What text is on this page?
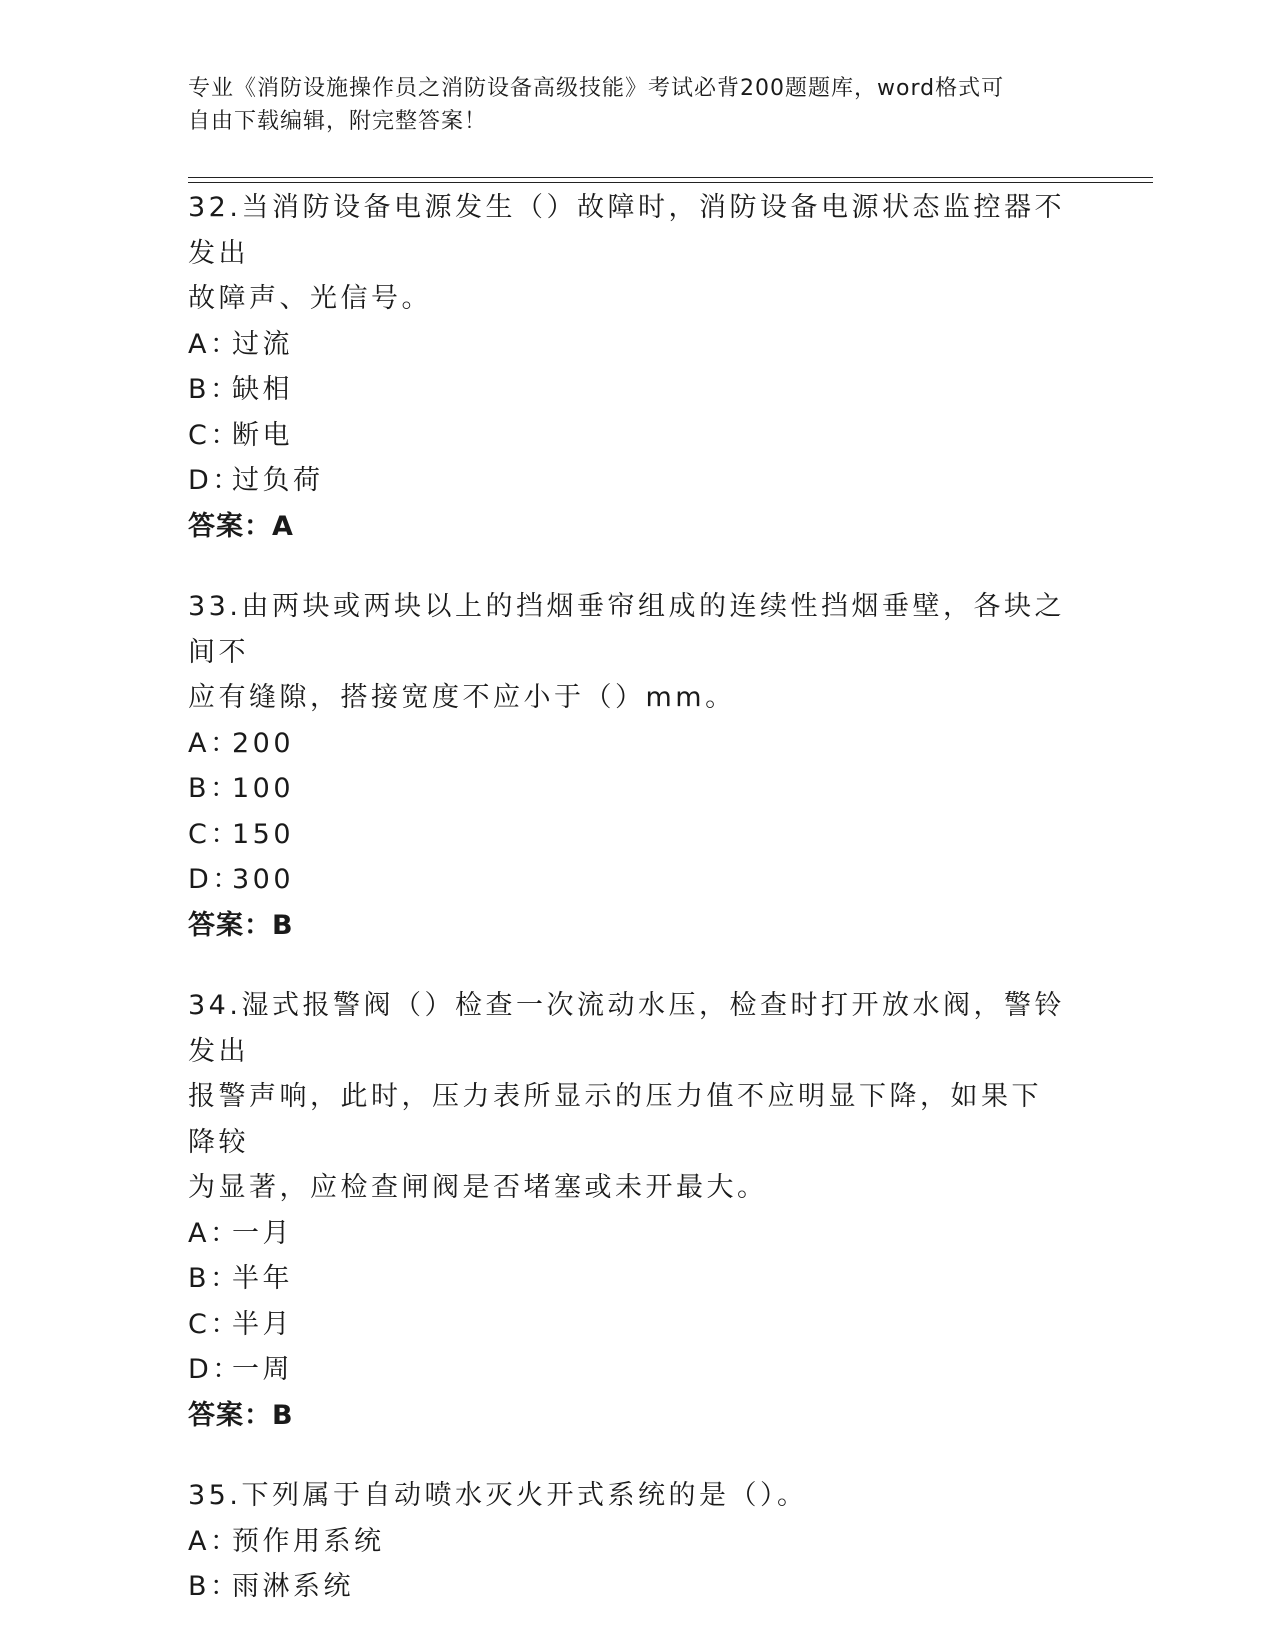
专业《消防设施操作员之消防设备高级技能》考试必背200题题库，word格式可
自由下载编辑，附完整答案！

32.当消防设备电源发生（）故障时，消防设备电源状态监控器不发出

故障声、光信号。

A：过流

B：缺相

C：断电

D：过负荷

答案：A

33.由两块或两块以上的挡烟垂帘组成的连续性挡烟垂壁，各块之间不

应有缝隙，搭接宽度不应小于（）mm。

A：200

B：100

C：150

D：300

答案：B

34.湿式报警阀（）检查一次流动水压，检查时打开放水阀，警铃发出

报警声响，此时，压力表所显示的压力值不应明显下降，如果下降较

为显著，应检查闸阀是否堵塞或未开最大。

A：一月

B：半年

C：半月

D：一周

答案：B

35.下列属于自动喷水灭火开式系统的是（）。

A：预作用系统

B：雨淋系统
